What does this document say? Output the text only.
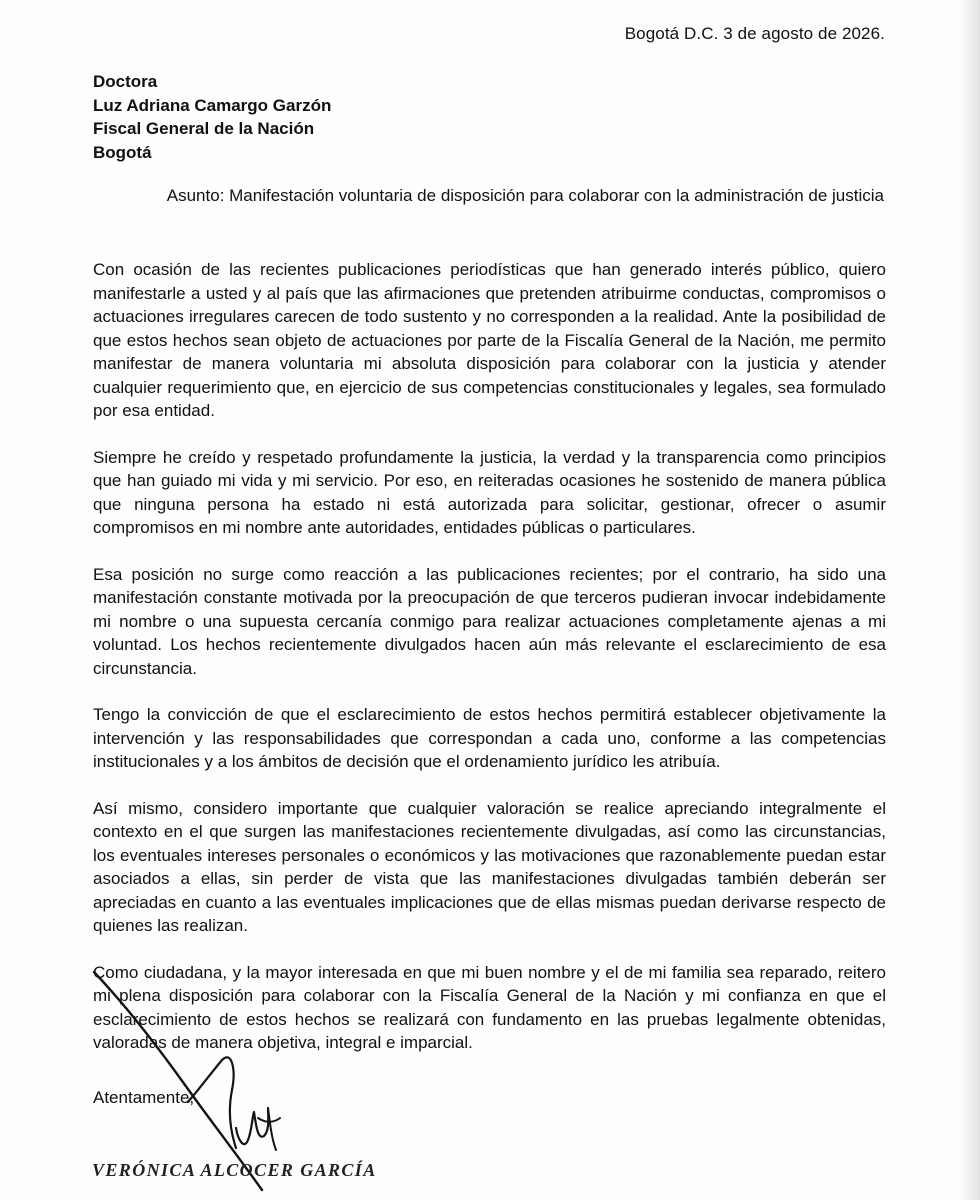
Bogotá D.C. 3 de agosto de 2026.
Doctora
Luz Adriana Camargo Garzón
Fiscal General de la Nación
Bogotá
Asunto: Manifestación voluntaria de disposición para colaborar con la administración de justicia

Con ocasión de las recientes publicaciones periodísticas que han generado interés público, quiero manifestarle a usted y al país que las afirmaciones que pretenden atribuirme conductas, compromisos o actuaciones irregulares carecen de todo sustento y no corresponden a la realidad. Ante la posibilidad de que estos hechos sean objeto de actuaciones por parte de la Fiscalía General de la Nación, me permito manifestar de manera voluntaria mi absoluta disposición para colaborar con la justicia y atender cualquier requerimiento que, en ejercicio de sus competencias constitucionales y legales, sea formulado por esa entidad.

Siempre he creído y respetado profundamente la justicia, la verdad y la transparencia como principios que han guiado mi vida y mi servicio. Por eso, en reiteradas ocasiones he sostenido de manera pública que ninguna persona ha estado ni está autorizada para solicitar, gestionar, ofrecer o asumir compromisos en mi nombre ante autoridades, entidades públicas o particulares.

Esa posición no surge como reacción a las publicaciones recientes; por el contrario, ha sido una manifestación constante motivada por la preocupación de que terceros pudieran invocar indebidamente mi nombre o una supuesta cercanía conmigo para realizar actuaciones completamente ajenas a mi voluntad. Los hechos recientemente divulgados hacen aún más relevante el esclarecimiento de esa circunstancia.

Tengo la convicción de que el esclarecimiento de estos hechos permitirá establecer objetivamente la intervención y las responsabilidades que correspondan a cada uno, conforme a las competencias institucionales y a los ámbitos de decisión que el ordenamiento jurídico les atribuía.

Así mismo, considero importante que cualquier valoración se realice apreciando integralmente el contexto en el que surgen las manifestaciones recientemente divulgadas, así como las circunstancias, los eventuales intereses personales o económicos y las motivaciones que razonablemente puedan estar asociados a ellas, sin perder de vista que las manifestaciones divulgadas también deberán ser apreciadas en cuanto a las eventuales implicaciones que de ellas mismas puedan derivarse respecto de quienes las realizan.

Como ciudadana, y la mayor interesada en que mi buen nombre y el de mi familia sea reparado, reitero mi plena disposición para colaborar con la Fiscalía General de la Nación y mi confianza en que el esclarecimiento de estos hechos se realizará con fundamento en las pruebas legalmente obtenidas, valoradas de manera objetiva, integral e imparcial.

Atentamente,
VERÓNICA ALCOCER GARCÍA
